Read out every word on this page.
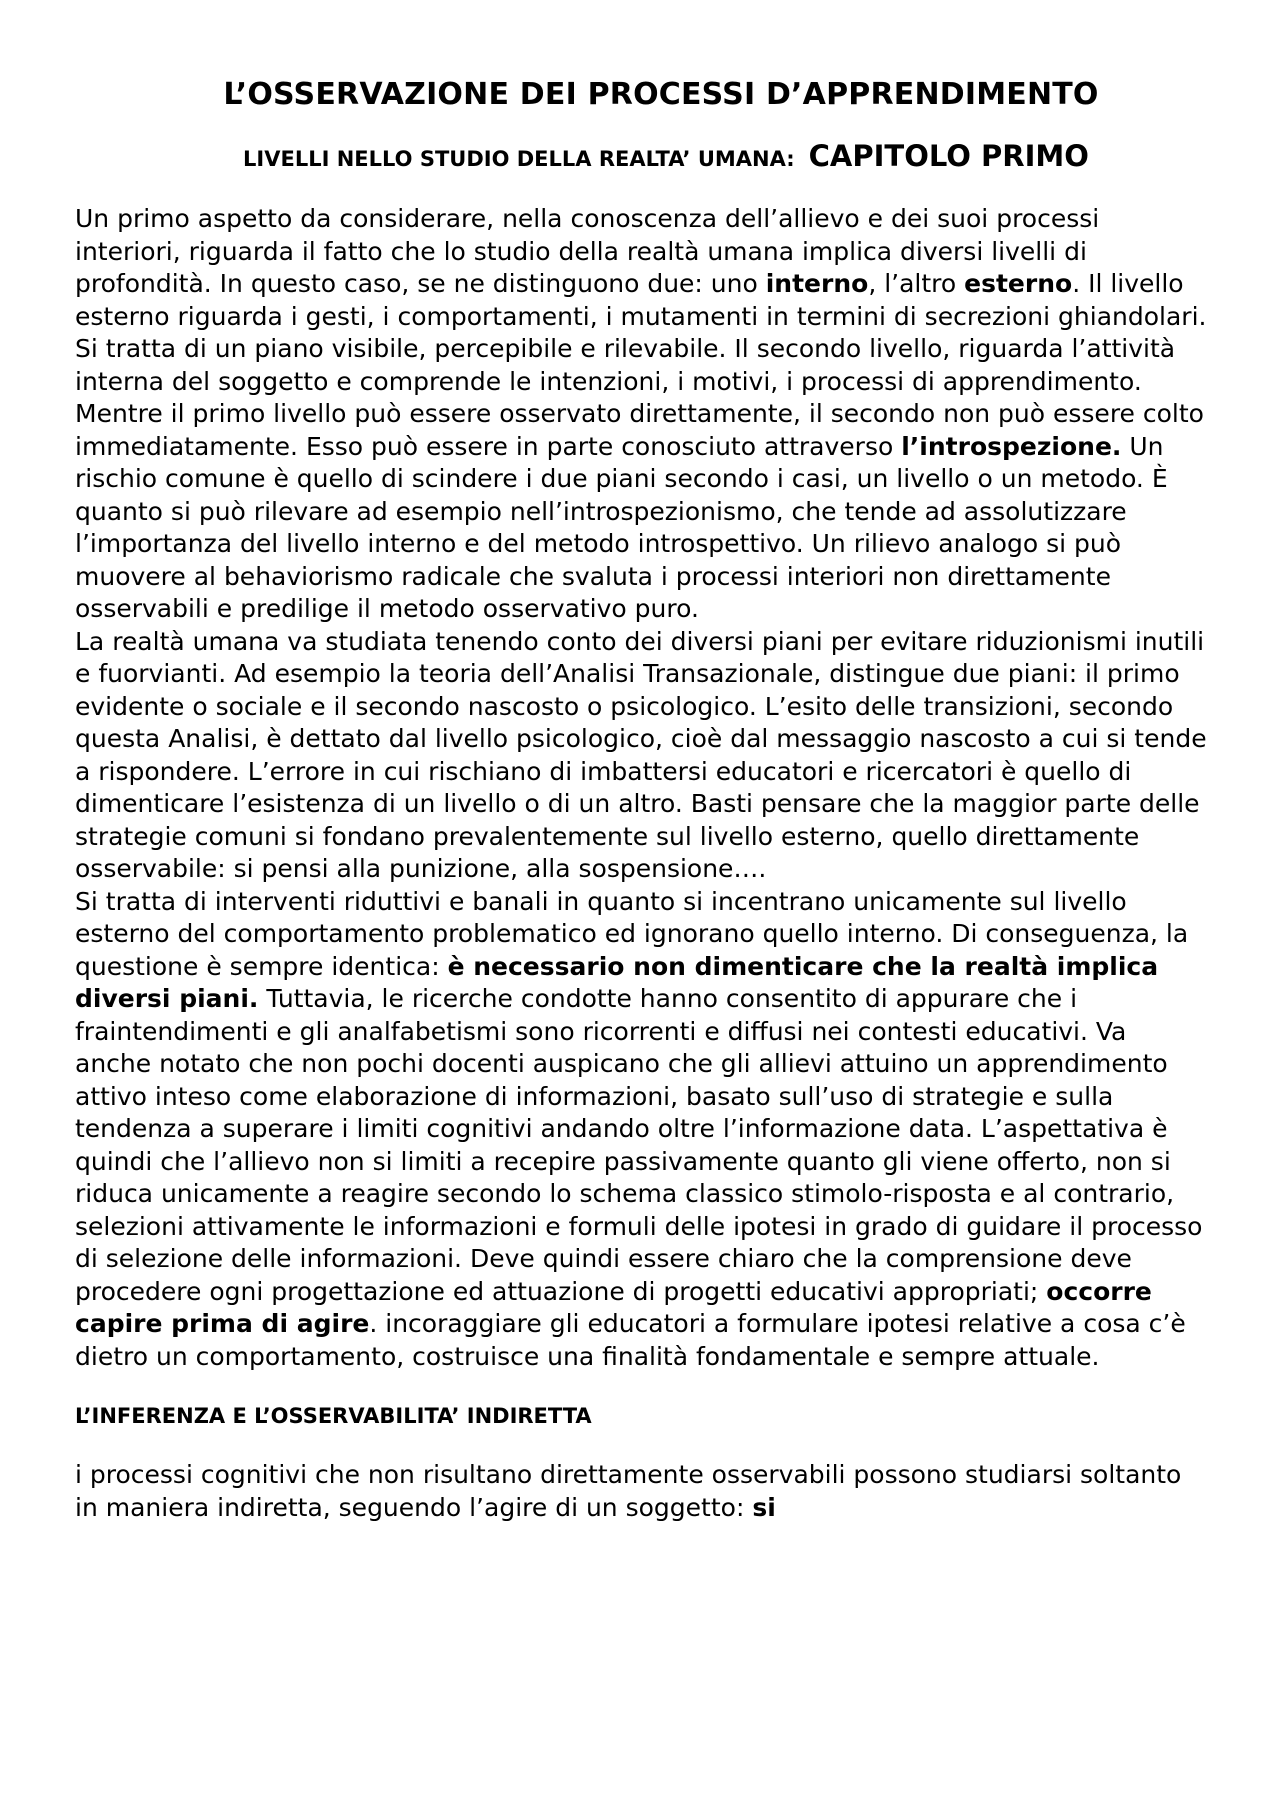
L’OSSERVAZIONE DEI PROCESSI D’APPRENDIMENTO
LIVELLI NELLO STUDIO DELLA REALTA’ UMANA: CAPITOLO PRIMO
Un primo aspetto da considerare, nella conoscenza dell’allievo e dei suoi processi interiori, riguarda il fatto che lo studio della realtà umana implica diversi livelli di profondità. In questo caso, se ne distinguono due: uno interno, l’altro esterno. Il livello esterno riguarda i gesti, i comportamenti, i mutamenti in termini di secrezioni ghiandolari. Si tratta di un piano visibile, percepibile e rilevabile. Il secondo livello, riguarda l’attività interna del soggetto e comprende le intenzioni, i motivi, i processi di apprendimento. Mentre il primo livello può essere osservato direttamente, il secondo non può essere colto immediatamente. Esso può essere in parte conosciuto attraverso l’introspezione. Un rischio comune è quello di scindere i due piani secondo i casi, un livello o un metodo. È quanto si può rilevare ad esempio nell’introspezionismo, che tende ad assolutizzare l’importanza del livello interno e del metodo introspettivo. Un rilievo analogo si può muovere al behaviorismo radicale che svaluta i processi interiori non direttamente osservabili e predilige il metodo osservativo puro.
La realtà umana va studiata tenendo conto dei diversi piani per evitare riduzionismi inutili e fuorvianti. Ad esempio la teoria dell’Analisi Transazionale, distingue due piani: il primo evidente o sociale e il secondo nascosto o psicologico. L’esito delle transizioni, secondo questa Analisi, è dettato dal livello psicologico, cioè dal messaggio nascosto a cui si tende a rispondere. L’errore in cui rischiano di imbattersi educatori e ricercatori è quello di dimenticare l’esistenza di un livello o di un altro. Basti pensare che la maggior parte delle strategie comuni si fondano prevalentemente sul livello esterno, quello direttamente osservabile: si pensi alla punizione, alla sospensione….
Si tratta di interventi riduttivi e banali in quanto si incentrano unicamente sul livello esterno del comportamento problematico ed ignorano quello interno. Di conseguenza, la questione è sempre identica: è necessario non dimenticare che la realtà implica diversi piani. Tuttavia, le ricerche condotte hanno consentito di appurare che i fraintendimenti e gli analfabetismi sono ricorrenti e diffusi nei contesti educativi. Va anche notato che non pochi docenti auspicano che gli allievi attuino un apprendimento attivo inteso come elaborazione di informazioni, basato sull’uso di strategie e sulla tendenza a superare i limiti cognitivi andando oltre l’informazione data. L’aspettativa è quindi che l’allievo non si limiti a recepire passivamente quanto gli viene offerto, non si riduca unicamente a reagire secondo lo schema classico stimolo-risposta e al contrario, selezioni attivamente le informazioni e formuli delle ipotesi in grado di guidare il processo di selezione delle informazioni. Deve quindi essere chiaro che la comprensione deve procedere ogni progettazione ed attuazione di progetti educativi appropriati; occorre capire prima di agire. incoraggiare gli educatori a formulare ipotesi relative a cosa c’è dietro un comportamento, costruisce una finalità fondamentale e sempre attuale.
L’INFERENZA E L’OSSERVABILITA’ INDIRETTA
i processi cognitivi che non risultano direttamente osservabili possono studiarsi soltanto in maniera indiretta, seguendo l’agire di un soggetto: si
